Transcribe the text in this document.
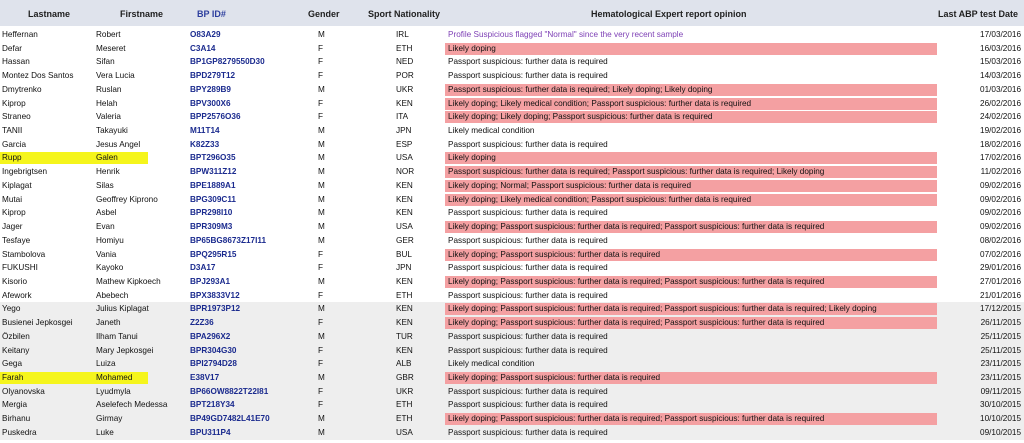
Lastname	Firstname	BP ID#	Gender	Sport Nationality	Hematological Expert report opinion	Last ABP test Date
Heffernan	Robert	O83A29	M	IRL	Profile Suspicious flagged "Normal" since the very recent sample	17/03/2016
Defar	Meseret	C3A14	F	ETH	Likely doping	16/03/2016
Hassan	Sifan	BP1GP8279550D30	F	NED	Passport suspicious: further data is required	15/03/2016
Montez Dos Santos	Vera Lucia	BPD279T12	F	POR	Passport suspicious: further data is required	14/03/2016
Dmytrenko	Ruslan	BPY289B9	M	UKR	Passport suspicious: further data is required; Likely doping; Likely doping	01/03/2016
Kiprop	Helah	BPV300X6	F	KEN	Likely doping; Likely medical condition; Passport suspicious: further data is required	26/02/2016
Straneo	Valeria	BPP2576O36	F	ITA	Likely doping; Likely doping; Passport suspicious: further data is required	24/02/2016
TANII	Takayuki	M11T14	M	JPN	Likely medical condition	19/02/2016
Garcia	Jesus Angel	K82Z33	M	ESP	Passport suspicious: further data is required	18/02/2016
Rupp	Galen	BPT296O35	M	USA	Likely doping	17/02/2016
Ingebrigtsen	Henrik	BPW311Z12	M	NOR	Passport suspicious: further data is required; Passport suspicious: further data is required; Likely doping	11/02/2016
Kiplagat	Silas	BPE1889A1	M	KEN	Likely doping; Normal; Passport suspicious: further data is required	09/02/2016
Mutai	Geoffrey Kiprono	BPG309C11	M	KEN	Likely doping; Likely medical condition; Passport suspicious: further data is required	09/02/2016
Kiprop	Asbel	BPR298I10	M	KEN	Passport suspicious: further data is required	09/02/2016
Jager	Evan	BPR309M3	M	USA	Likely doping; Passport suspicious: further data is required; Passport suspicious: further data is required	09/02/2016
Tesfaye	Homiyu	BP65BG8673Z17I11	M	GER	Passport suspicious: further data is required	08/02/2016
Stambolova	Vania	BPQ295R15	F	BUL	Likely doping; Passport suspicious: further data is required	07/02/2016
FUKUSHI	Kayoko	D3A17	F	JPN	Passport suspicious: further data is required	29/01/2016
Kisorio	Mathew Kipkoech	BPJ293A1	M	KEN	Likely doping; Passport suspicious: further data is required; Passport suspicious: further data is required	27/01/2016
Afework	Abebech	BPX3833V12	F	ETH	Passport suspicious: further data is required	21/01/2016
Yego	Julius Kiplagat	BPR1973P12	M	KEN	Likely doping; Passport suspicious: further data is required; Passport suspicious: further data is required; Likely doping	17/12/2015
Busienei Jepkosgei	Janeth	Z2Z36	F	KEN	Likely doping; Passport suspicious: further data is required; Passport suspicious: further data is required	26/11/2015
Özbilen	Ilham Tanui	BPA296X2	M	TUR	Passport suspicious: further data is required	25/11/2015
Keitany	Mary Jepkosgei	BPR304G30	F	KEN	Passport suspicious: further data is required	25/11/2015
Gega	Luiza	BPI2794D28	F	ALB	Likely medical condition	23/11/2015
Farah	Mohamed	E38V17	M	GBR	Likely doping; Passport suspicious: further data is required	23/11/2015
Olyanovska	Lyudmyla	BP66OW8822T22I81	F	UKR	Passport suspicious: further data is required	09/11/2015
Mergia	Aselefech Medessa	BPT218Y34	F	ETH	Passport suspicious: further data is required	30/10/2015
Birhanu	Girmay	BP49GD7482L41E70	M	ETH	Likely doping; Passport suspicious: further data is required; Passport suspicious: further data is required	10/10/2015
Puskedra	Luke	BPU311P4	M	USA	Passport suspicious: further data is required	09/10/2015
